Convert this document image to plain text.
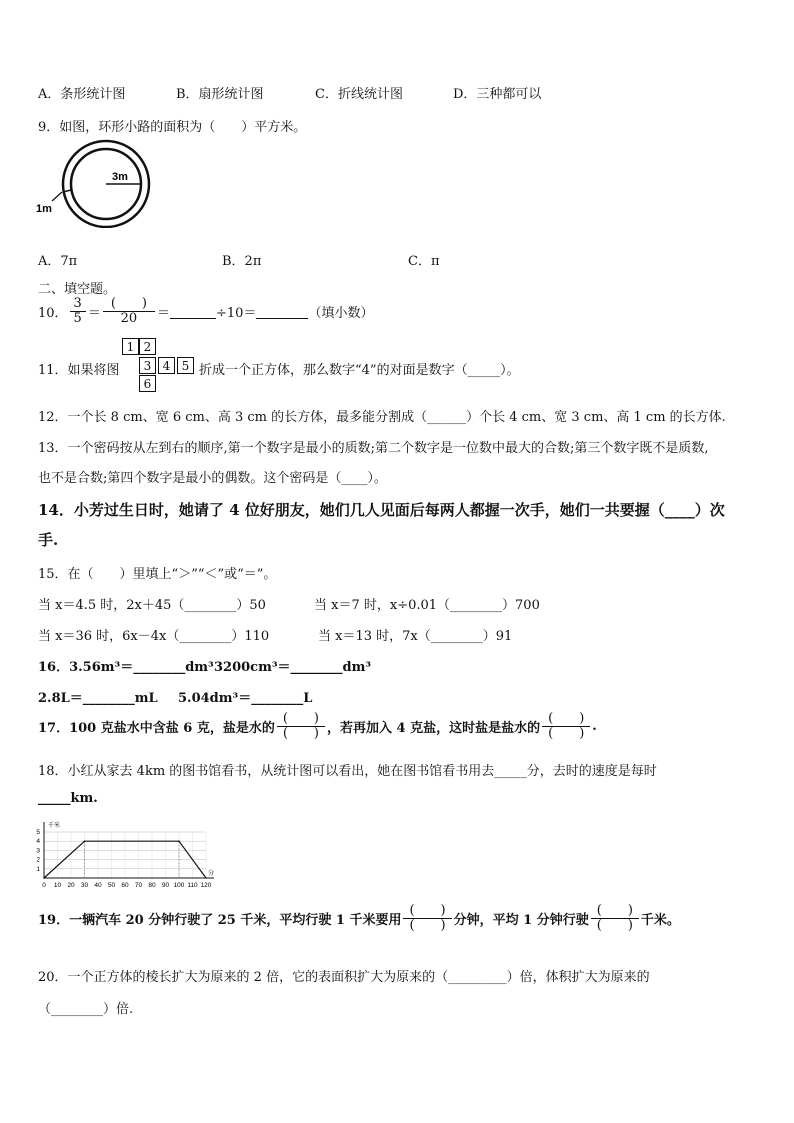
A．条形统计图	B．扇形统计图	C．折线统计图	D．三种都可以
9．如图，环形小路的面积为（　　）平方米。
3m
1m
A．7π	B．2π	C．π
二、填空题。
10． $\frac{3}{5} = \frac{( )}{20}$ ＝	÷10＝	（填小数）
11．如果将图
1 2
3 4 5
6
折成一个正方体，那么数字“4”的对面是数字（_____）。
12．一个长 8 cm、宽 6 cm、高 3 cm 的长方体，最多能分割成（______）个长 4 cm、宽 3 cm、高 1 cm 的长方体.
13．一个密码按从左到右的顺序,第一个数字是最小的质数;第二个数字是一位数中最大的合数;第三个数字既不是质数,
也不是合数;第四个数字是最小的偶数。这个密码是（____）。
14．小芳过生日时，她请了 4 位好朋友，她们几人见面后每两人都握一次手，她们一共要握（____）次
手.
15．在（　　）里填上“＞”“＜”或“＝”。
当 x＝4.5 时，2x＋45（________）50	当 x＝7 时，x÷0.01（________）700
当 x＝36 时，6x－4x（________）110	当 x＝13 时，7x（________）91
16．3.56m³＝________dm³ 3200cm³＝________dm³
2.8L＝________mL 5.04dm³＝________L
17．100 克盐水中含盐 6 克，盐是水的 $\frac{( )}{( )}$ ，若再加入 4 克盐，这时盐是盐水的 $\frac{( )}{( )}$ .
18．小红从家去 4km 的图书馆看书，从统计图可以看出，她在图书馆看书用去_____分，去时的速度是每时
_____km.
0 10 20 30 40 50 60 70 80 90 100 110 120
1
2
3
4
5
千米
分
19．一辆汽车 20 分钟行驶了 25 千米，平均行驶 1 千米要用 $\frac{( )}{( )}$ 分钟，平均 1 分钟行驶 $\frac{( )}{( )}$ 千米。
20．一个正方体的棱长扩大为原来的 2 倍，它的表面积扩大为原来的（_________）倍，体积扩大为原来的
（________）倍.
